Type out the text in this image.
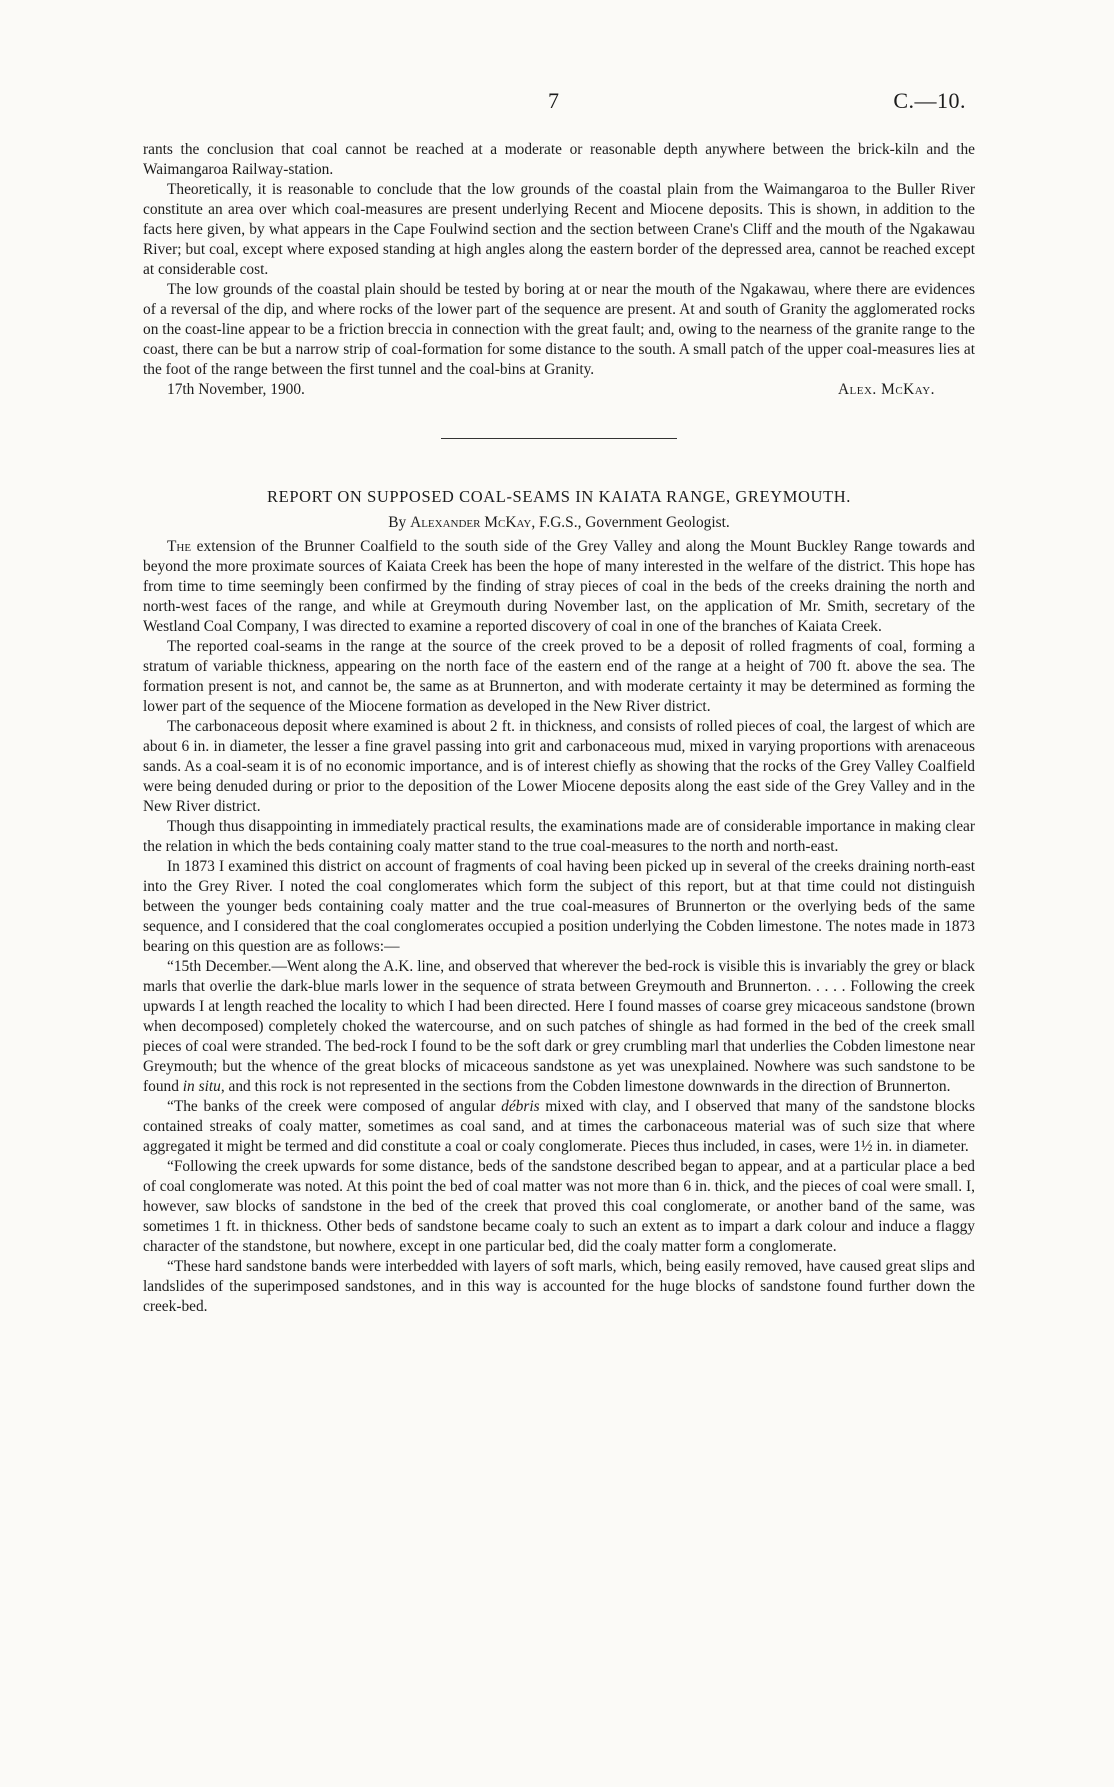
7	C.—10.

rants the conclusion that coal cannot be reached at a moderate or reasonable depth anywhere between the brick-kiln and the Waimangaroa Railway-station.

Theoretically, it is reasonable to conclude that the low grounds of the coastal plain from the Waimangaroa to the Buller River constitute an area over which coal-measures are present underlying Recent and Miocene deposits. This is shown, in addition to the facts here given, by what appears in the Cape Foulwind section and the section between Crane's Cliff and the mouth of the Ngakawau River; but coal, except where exposed standing at high angles along the eastern border of the depressed area, cannot be reached except at considerable cost.

The low grounds of the coastal plain should be tested by boring at or near the mouth of the Ngakawau, where there are evidences of a reversal of the dip, and where rocks of the lower part of the sequence are present. At and south of Granity the agglomerated rocks on the coast-line appear to be a friction breccia in connection with the great fault; and, owing to the nearness of the granite range to the coast, there can be but a narrow strip of coal-formation for some distance to the south. A small patch of the upper coal-measures lies at the foot of the range between the first tunnel and the coal-bins at Granity.

17th November, 1900.	Alex. McKay.
REPORT ON SUPPOSED COAL-SEAMS IN KAIATA RANGE, GREYMOUTH.
By Alexander McKay, F.G.S., Government Geologist.

The extension of the Brunner Coalfield to the south side of the Grey Valley and along the Mount Buckley Range towards and beyond the more proximate sources of Kaiata Creek has been the hope of many interested in the welfare of the district. This hope has from time to time seemingly been confirmed by the finding of stray pieces of coal in the beds of the creeks draining the north and north-west faces of the range, and while at Greymouth during November last, on the application of Mr. Smith, secretary of the Westland Coal Company, I was directed to examine a reported discovery of coal in one of the branches of Kaiata Creek.

The reported coal-seams in the range at the source of the creek proved to be a deposit of rolled fragments of coal, forming a stratum of variable thickness, appearing on the north face of the eastern end of the range at a height of 700 ft. above the sea. The formation present is not, and cannot be, the same as at Brunnerton, and with moderate certainty it may be determined as forming the lower part of the sequence of the Miocene formation as developed in the New River district.

The carbonaceous deposit where examined is about 2 ft. in thickness, and consists of rolled pieces of coal, the largest of which are about 6 in. in diameter, the lesser a fine gravel passing into grit and carbonaceous mud, mixed in varying proportions with arenaceous sands. As a coal-seam it is of no economic importance, and is of interest chiefly as showing that the rocks of the Grey Valley Coalfield were being denuded during or prior to the deposition of the Lower Miocene deposits along the east side of the Grey Valley and in the New River district.

Though thus disappointing in immediately practical results, the examinations made are of considerable importance in making clear the relation in which the beds containing coaly matter stand to the true coal-measures to the north and north-east.

In 1873 I examined this district on account of fragments of coal having been picked up in several of the creeks draining north-east into the Grey River. I noted the coal conglomerates which form the subject of this report, but at that time could not distinguish between the younger beds containing coaly matter and the true coal-measures of Brunnerton or the overlying beds of the same sequence, and I considered that the coal conglomerates occupied a position underlying the Cobden limestone. The notes made in 1873 bearing on this question are as follows:—

“15th December.—Went along the A.K. line, and observed that wherever the bed-rock is visible this is invariably the grey or black marls that overlie the dark-blue marls lower in the sequence of strata between Greymouth and Brunnerton. . . . . Following the creek upwards I at length reached the locality to which I had been directed. Here I found masses of coarse grey micaceous sandstone (brown when decomposed) completely choked the watercourse, and on such patches of shingle as had formed in the bed of the creek small pieces of coal were stranded. The bed-rock I found to be the soft dark or grey crumbling marl that underlies the Cobden limestone near Greymouth; but the whence of the great blocks of micaceous sandstone as yet was unexplained. Nowhere was such sandstone to be found in situ, and this rock is not represented in the sections from the Cobden limestone downwards in the direction of Brunnerton.

“The banks of the creek were composed of angular débris mixed with clay, and I observed that many of the sandstone blocks contained streaks of coaly matter, sometimes as coal sand, and at times the carbonaceous material was of such size that where aggregated it might be termed and did constitute a coal or coaly conglomerate. Pieces thus included, in cases, were 1½ in. in diameter.

“Following the creek upwards for some distance, beds of the sandstone described began to appear, and at a particular place a bed of coal conglomerate was noted. At this point the bed of coal matter was not more than 6 in. thick, and the pieces of coal were small. I, however, saw blocks of sandstone in the bed of the creek that proved this coal conglomerate, or another band of the same, was sometimes 1 ft. in thickness. Other beds of sandstone became coaly to such an extent as to impart a dark colour and induce a flaggy character of the standstone, but nowhere, except in one particular bed, did the coaly matter form a conglomerate.

“These hard sandstone bands were interbedded with layers of soft marls, which, being easily removed, have caused great slips and landslides of the superimposed sandstones, and in this way is accounted for the huge blocks of sandstone found further down the creek-bed.
